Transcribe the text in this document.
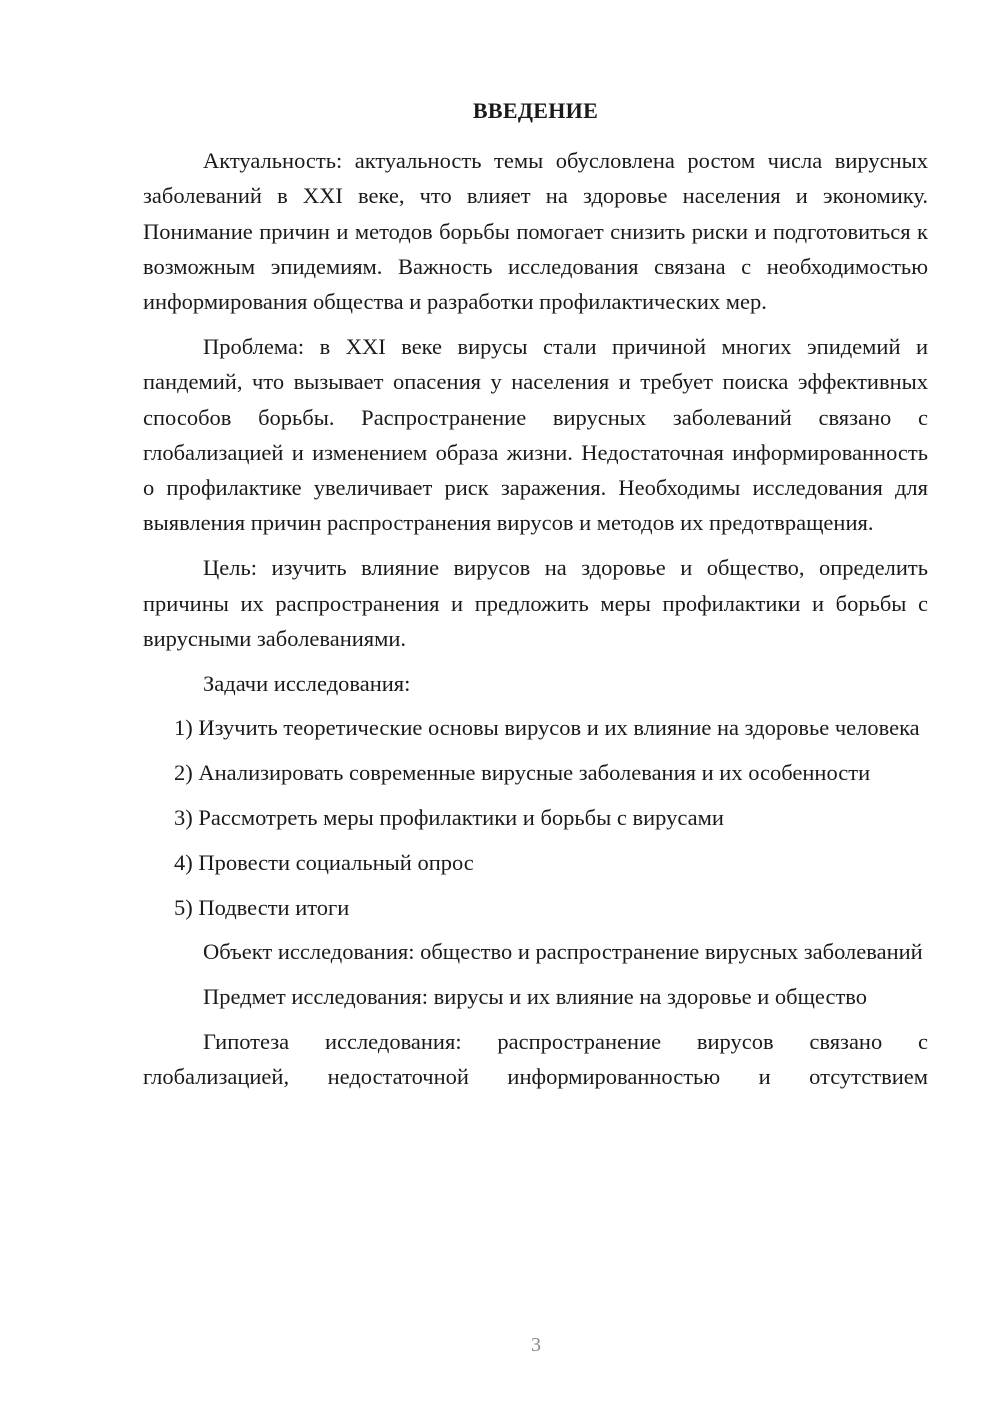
ВВЕДЕНИЕ

Актуальность: актуальность темы обусловлена ростом числа вирусных заболеваний в XXI веке, что влияет на здоровье населения и экономику. Понимание причин и методов борьбы помогает снизить риски и подготовиться к возможным эпидемиям. Важность исследования связана с необходимостью информирования общества и разработки профилактических мер.

Проблема: в XXI веке вирусы стали причиной многих эпидемий и пандемий, что вызывает опасения у населения и требует поиска эффективных способов борьбы. Распространение вирусных заболеваний связано с глобализацией и изменением образа жизни. Недостаточная информированность о профилактике увеличивает риск заражения. Необходимы исследования для выявления причин распространения вирусов и методов их предотвращения.

Цель: изучить влияние вирусов на здоровье и общество, определить причины их распространения и предложить меры профилактики и борьбы с вирусными заболеваниями.

Задачи исследования:

1) Изучить теоретические основы вирусов и их влияние на здоровье человека

2) Анализировать современные вирусные заболевания и их особенности

3) Рассмотреть меры профилактики и борьбы с вирусами

4) Провести социальный опрос

5) Подвести итоги

Объект исследования: общество и распространение вирусных заболеваний

Предмет исследования: вирусы и их влияние на здоровье и общество

Гипотеза исследования: распространение вирусов связано с глобализацией, недостаточной информированностью и отсутствием

3
